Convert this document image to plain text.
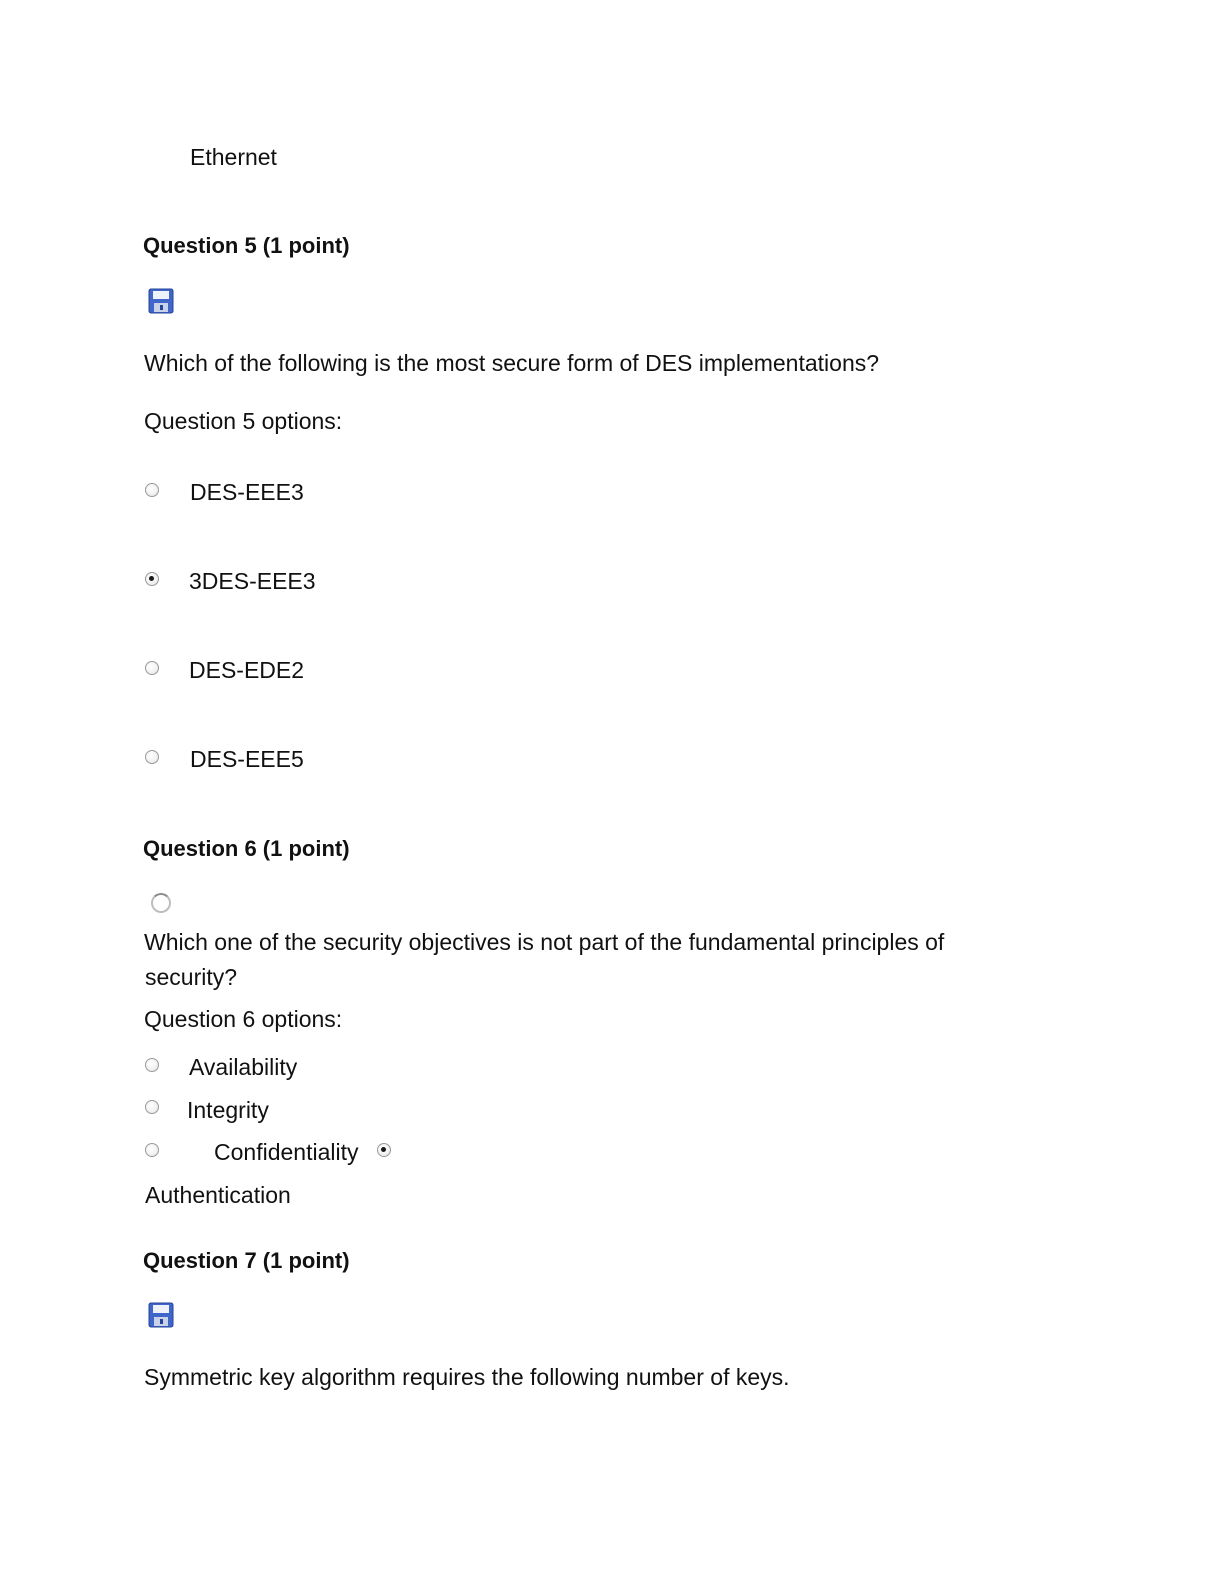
Ethernet
Question 5 (1 point)
Which of the following is the most secure form of DES implementations?
Question 5 options:
DES-EEE3
3DES-EEE3
DES-EDE2
DES-EEE5
Question 6 (1 point)
Which one of the security objectives is not part of the fundamental principles of
security?
Question 6 options:
Availability
Integrity
Confidentiality
Authentication
Question 7 (1 point)
Symmetric key algorithm requires the following number of keys.
